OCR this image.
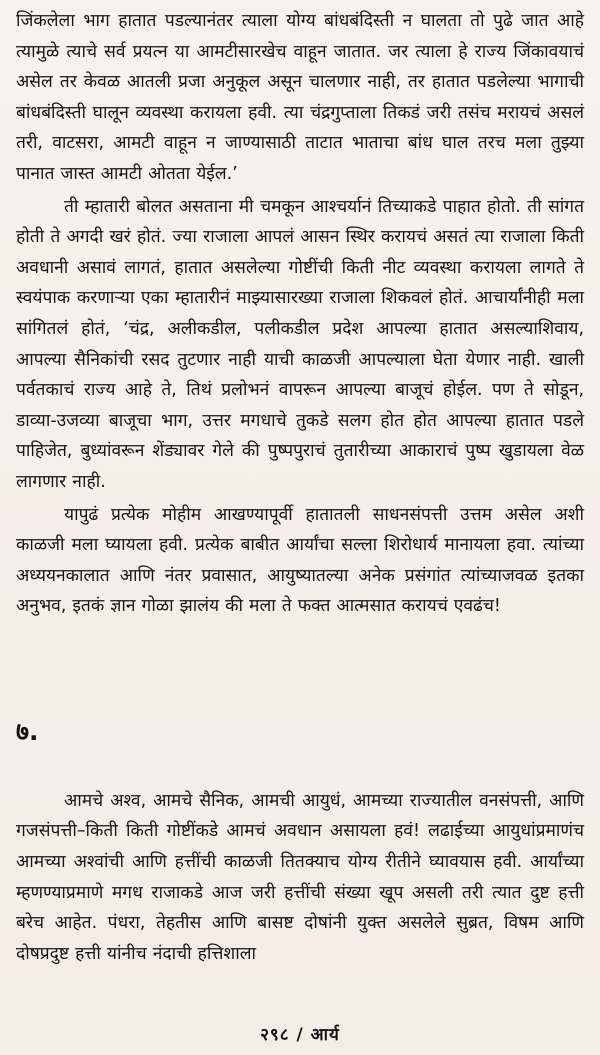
जिंकलेला भाग हातात पडल्यानंतर त्याला योग्य बांधबंदिस्ती न घालता तो पुढे जात आहे त्यामुळे त्याचे सर्व प्रयत्न या आमटीसारखेच वाहून जातात. जर त्याला हे राज्य जिंकावयाचं असेल तर केवळ आतली प्रजा अनुकूल असून चालणार नाही, तर हातात पडलेल्या भागाची बांधबंदिस्ती घालून व्यवस्था करायला हवी. त्या चंद्रगुप्ताला तिकडं जरी तसंच मरायचं असलं तरी, वाटसरा, आमटी वाहून न जाण्यासाठी ताटात भाताचा बांध घाल तरच मला तुझ्या पानात जास्त आमटी ओतता येईल.’

ती म्हातारी बोलत असताना मी चमकून आश्चर्यानं तिच्याकडे पाहात होतो. ती सांगत होती ते अगदी खरं होतं. ज्या राजाला आपलं आसन स्थिर करायचं असतं त्या राजाला किती अवधानी असावं लागतं, हातात असलेल्या गोष्टींची किती नीट व्यवस्था करायला लागते ते स्वयंपाक करणाऱ्या एका म्हातारीनं माझ्यासारख्या राजाला शिकवलं होतं. आचार्यांनीही मला सांगितलं होतं, ‘चंद्र, अलीकडील, पलीकडील प्रदेश आपल्या हातात असल्याशिवाय, आपल्या सैनिकांची रसद तुटणार नाही याची काळजी आपल्याला घेता येणार नाही. खाली पर्वतकाचं राज्य आहे ते, तिथं प्रलोभनं वापरून आपल्या बाजूचं होईल. पण ते सोडून, डाव्या-उजव्या बाजूचा भाग, उत्तर मगधाचे तुकडे सलग होत होत आपल्या हातात पडले पाहिजेत, बुध्यांवरून शेंड्यावर गेले की पुष्पपुराचं तुतारीच्या आकाराचं पुष्प खुडायला वेळ लागणार नाही.

यापुढं प्रत्येक मोहीम आखण्यापूर्वी हातातली साधनसंपत्ती उत्तम असेल अशी काळजी मला घ्यायला हवी. प्रत्येक बाबीत आर्यांचा सल्ला शिरोधार्य मानायला हवा. त्यांच्या अध्ययनकालात आणि नंतर प्रवासात, आयुष्यातल्या अनेक प्रसंगांत त्यांच्याजवळ इतका अनुभव, इतकं ज्ञान गोळा झालंय की मला ते फक्त आत्मसात करायचं एवढंच!

७.

आमचे अश्व, आमचे सैनिक, आमची आयुधं, आमच्या राज्यातील वनसंपत्ती, आणि गजसंपत्ती–किती किती गोष्टींकडे आमचं अवधान असायला हवं! लढाईच्या आयुधांप्रमाणंच आमच्या अश्वांची आणि हत्तींची काळजी तितक्याच योग्य रीतीने घ्यावयास हवी. आर्यांच्या म्हणण्याप्रमाणे मगध राजाकडे आज जरी हत्तींची संख्या खूप असली तरी त्यात दुष्ट हत्ती बरेच आहेत. पंधरा, तेहतीस आणि बासष्ट दोषांनी युक्त असलेले सुब्रत, विषम आणि दोषप्रदुष्ट हत्ती यांनीच नंदाची हत्तिशाला

२९८ / आर्य
